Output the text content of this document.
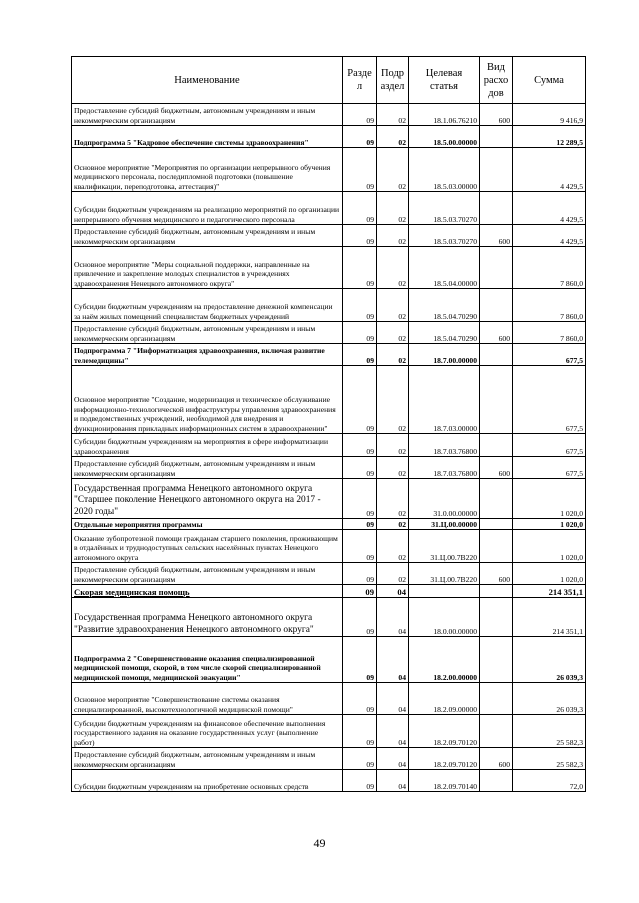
Наименование	Разде л	Подр аздел	Целевая статья	Вид расхо дов	Сумма
Предоставление субсидий бюджетным, автономным учреждениям и иным некоммерческим организациям	09	02	18.1.06.76210	600	9 416,9
Подпрограмма 5 "Кадровое обеспечение системы здравоохранения"	09	02	18.5.00.00000		12 289,5
Основное мероприятие "Мероприятия по организации непрерывного обучения медицинского персонала, последипломной подготовки (повышение квалификации, переподготовка, аттестация)"	09	02	18.5.03.00000		4 429,5
Субсидии бюджетным учреждениям на реализацию мероприятий по организации непрерывного обучения медицинского и педагогического персонала	09	02	18.5.03.70270		4 429,5
Предоставление субсидий бюджетным, автономным учреждениям и иным некоммерческим организациям	09	02	18.5.03.70270	600	4 429,5
Основное мероприятие "Меры социальной поддержки, направленные на привлечение и закрепление молодых специалистов в учреждениях здравоохранения Ненецкого автономного округа"	09	02	18.5.04.00000		7 860,0
Субсидии бюджетным учреждениям на предоставление денежной компенсации за наём жилых помещений специалистам бюджетных учреждений	09	02	18.5.04.70290		7 860,0
Предоставление субсидий бюджетным, автономным учреждениям и иным некоммерческим организациям	09	02	18.5.04.70290	600	7 860,0
Подпрограмма 7 "Информатизация здравоохранения, включая развитие телемедицины"	09	02	18.7.00.00000		677,5
Основное мероприятие "Создание, модернизация и техническое обслуживание информационно-технологической инфраструктуры управления здравоохранения и подведомственных учреждений, необходимой для внедрения и функционирования прикладных информационных систем в здравоохранении"	09	02	18.7.03.00000		677,5
Субсидии бюджетным учреждениям на мероприятия в сфере информатизации здравоохранения	09	02	18.7.03.76800		677,5
Предоставление субсидий бюджетным, автономным учреждениям и иным некоммерческим организациям	09	02	18.7.03.76800	600	677,5
Государственная программа Ненецкого автономного округа "Старшее поколение Ненецкого автономного округа на 2017 - 2020 годы"	09	02	31.0.00.00000		1 020,0
Отдельные мероприятия программы	09	02	31.Ц.00.00000		1 020,0
Оказание зубопротезной помощи гражданам старшего поколения, проживающим в отдалённых и труднодоступных сельских населённых пунктах Ненецкого автономного округа	09	02	31.Ц.00.7В220		1 020,0
Предоставление субсидий бюджетным, автономным учреждениям и иным некоммерческим организациям	09	02	31.Ц.00.7В220	600	1 020,0
Скорая медицинская помощь	09	04			214 351,1
Государственная программа Ненецкого автономного округа "Развитие здравоохранения Ненецкого автономного округа"	09	04	18.0.00.00000		214 351,1
Подпрограмма 2 "Совершенствование оказания специализированной медицинской помощи, скорой, в том числе скорой специализированной медицинской помощи, медицинской эвакуации"	09	04	18.2.00.00000		26 039,3
Основное мероприятие "Совершенствование системы оказания специализированной, высокотехнологичной медицинской помощи"	09	04	18.2.09.00000		26 039,3
Субсидии бюджетным учреждениям на финансовое обеспечение выполнения государственного задания на оказание государственных услуг (выполнение работ)	09	04	18.2.09.70120		25 582,3
Предоставление субсидий бюджетным, автономным учреждениям и иным некоммерческим организациям	09	04	18.2.09.70120	600	25 582,3
Субсидии бюджетным учреждениям на приобретение основных средств	09	04	18.2.09.70140		72,0
49
